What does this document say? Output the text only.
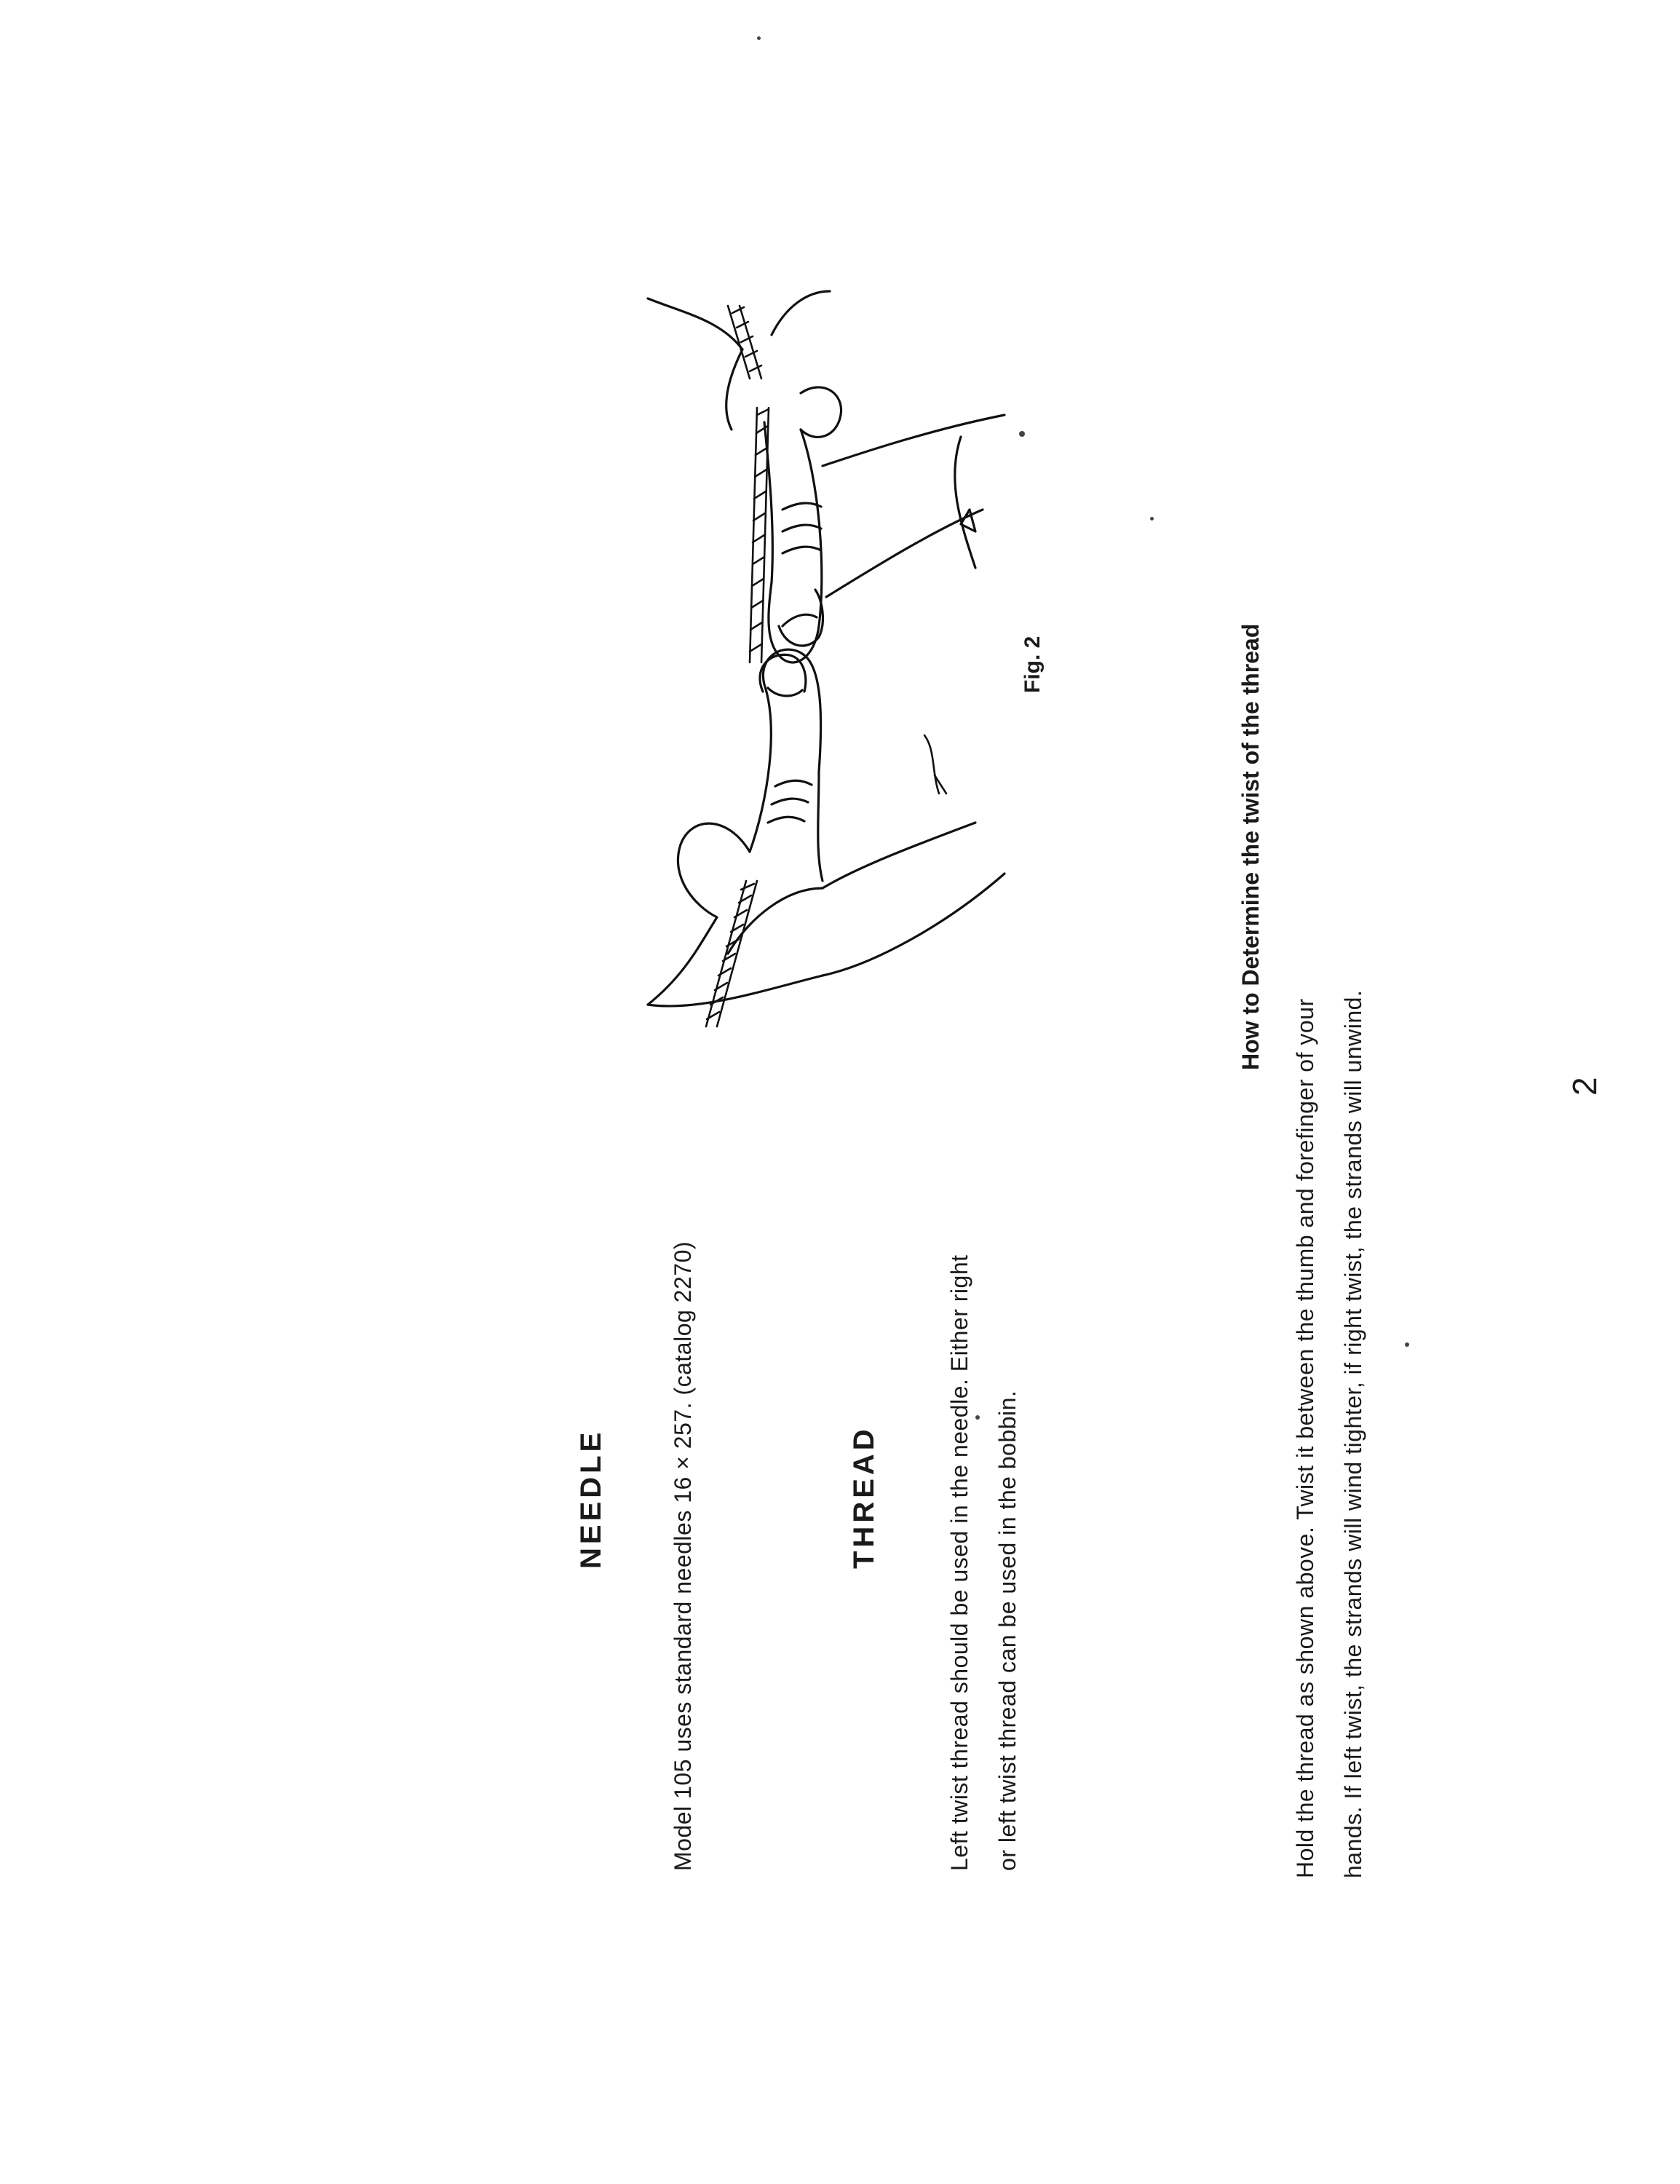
NEEDLE	Model 105 uses standard needles 16 × 257. (catalog 2270)	THREAD	Left twist thread should be used in the needle. Either right or left twist thread can be used in the bobbin.
Fig. 2	How to Determine the twist of the thread
Hold the thread as shown above. Twist it between the thumb and forefinger of your hands. If left twist, the strands will wind tighter, if right twist, the strands will unwind.	2
